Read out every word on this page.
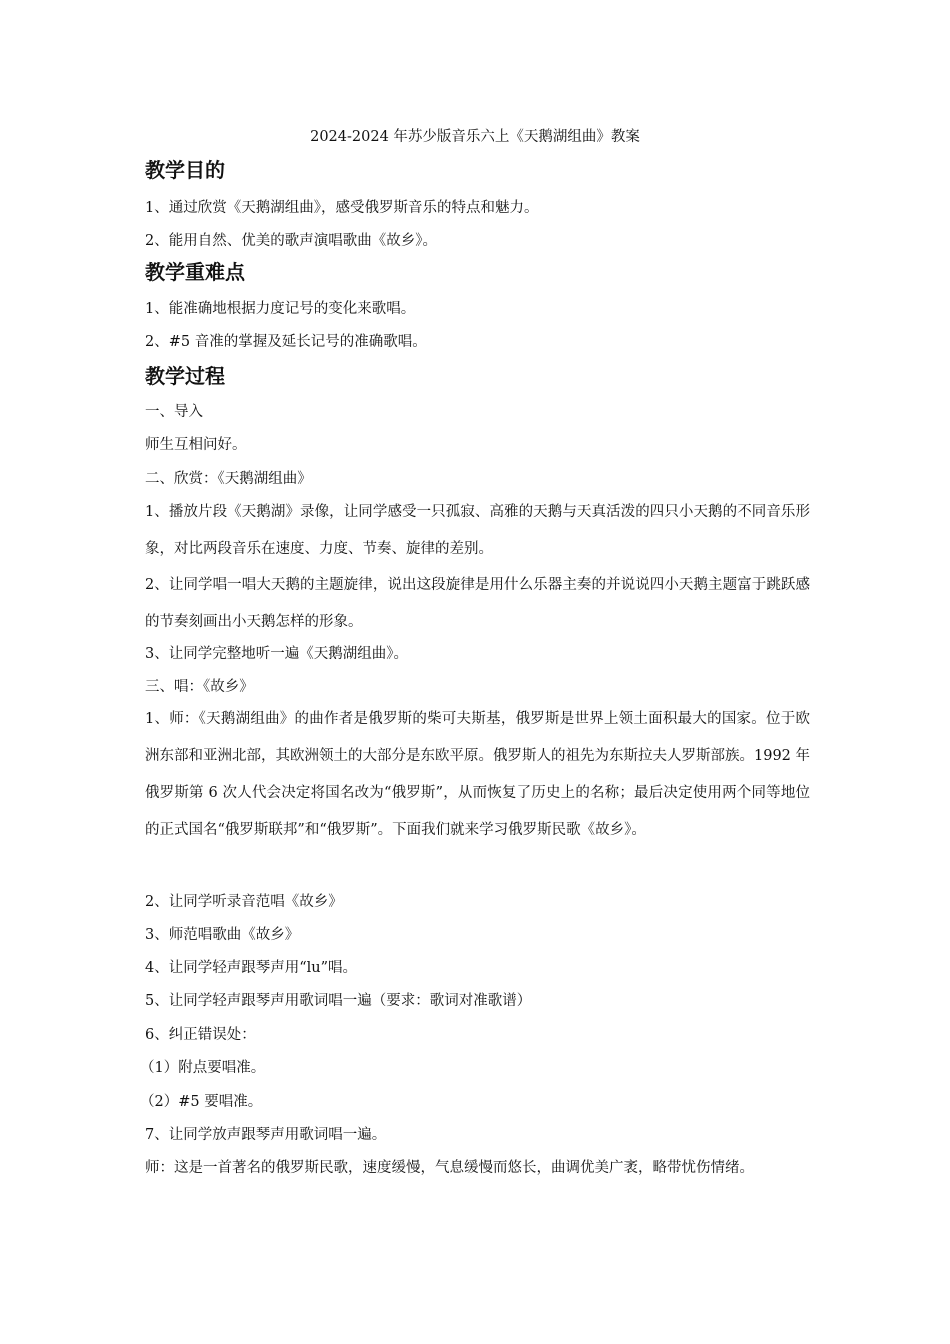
2024-2024 年苏少版音乐六上《天鹅湖组曲》教案
教学目的
1、通过欣赏《天鹅湖组曲》，感受俄罗斯音乐的特点和魅力。
2、能用自然、优美的歌声演唱歌曲《故乡》。
教学重难点
1、能准确地根据力度记号的变化来歌唱。
2、#5 音准的掌握及延长记号的准确歌唱。
教学过程
一、导入
师生互相问好。
二、欣赏：《天鹅湖组曲》
1、播放片段《天鹅湖》录像，让同学感受一只孤寂、高雅的天鹅与天真活泼的四只小天鹅的不同音乐形象，对比两段音乐在速度、力度、节奏、旋律的差别。
2、让同学唱一唱大天鹅的主题旋律，说出这段旋律是用什么乐器主奏的并说说四小天鹅主题富于跳跃感的节奏刻画出小天鹅怎样的形象。
3、让同学完整地听一遍《天鹅湖组曲》。
三、唱：《故乡》
1、师：《天鹅湖组曲》的曲作者是俄罗斯的柴可夫斯基，俄罗斯是世界上领土面积最大的国家。位于欧洲东部和亚洲北部，其欧洲领土的大部分是东欧平原。俄罗斯人的祖先为东斯拉夫人罗斯部族。1992 年俄罗斯第 6 次人代会决定将国名改为“俄罗斯”，从而恢复了历史上的名称；最后决定使用两个同等地位的正式国名“俄罗斯联邦”和“俄罗斯”。下面我们就来学习俄罗斯民歌《故乡》。
2、让同学听录音范唱《故乡》
3、师范唱歌曲《故乡》
4、让同学轻声跟琴声用“lu”唱。
5、让同学轻声跟琴声用歌词唱一遍（要求：歌词对准歌谱）
6、纠正错误处：
（1）附点要唱准。
（2）#5 要唱准。
7、让同学放声跟琴声用歌词唱一遍。
师：这是一首著名的俄罗斯民歌，速度缓慢，气息缓慢而悠长，曲调优美广袤，略带忧伤情绪。
